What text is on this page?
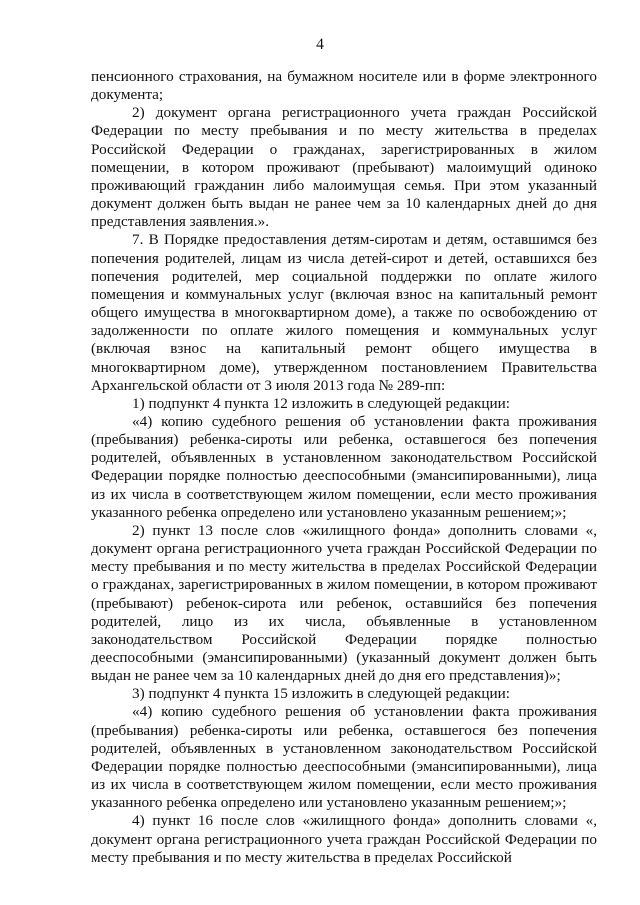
4

пенсионного страхования, на бумажном носителе или в форме электронного документа;

2) документ органа регистрационного учета граждан Российской Федерации по месту пребывания и по месту жительства в пределах Российской Федерации о гражданах, зарегистрированных в жилом помещении, в котором проживают (пребывают) малоимущий одиноко проживающий гражданин либо малоимущая семья. При этом указанный документ должен быть выдан не ранее чем за 10 календарных дней до дня представления заявления.».

7. В Порядке предоставления детям-сиротам и детям, оставшимся без попечения родителей, лицам из числа детей-сирот и детей, оставшихся без попечения родителей, мер социальной поддержки по оплате жилого помещения и коммунальных услуг (включая взнос на капитальный ремонт общего имущества в многоквартирном доме), а также по освобождению от задолженности по оплате жилого помещения и коммунальных услуг (включая взнос на капитальный ремонт общего имущества в многоквартирном доме), утвержденном постановлением Правительства Архангельской области от 3 июля 2013 года № 289-пп:

1) подпункт 4 пункта 12 изложить в следующей редакции:

«4) копию судебного решения об установлении факта проживания (пребывания) ребенка-сироты или ребенка, оставшегося без попечения родителей, объявленных в установленном законодательством Российской Федерации порядке полностью дееспособными (эмансипированными), лица из их числа в соответствующем жилом помещении, если место проживания указанного ребенка определено или установлено указанным решением;»;

2) пункт 13 после слов «жилищного фонда» дополнить словами «, документ органа регистрационного учета граждан Российской Федерации по месту пребывания и по месту жительства в пределах Российской Федерации о гражданах, зарегистрированных в жилом помещении, в котором проживают (пребывают) ребенок-сирота или ребенок, оставшийся без попечения родителей, лицо из их числа, объявленные в установленном законодательством Российской Федерации порядке полностью дееспособными (эмансипированными) (указанный документ должен быть выдан не ранее чем за 10 календарных дней до дня его представления)»;

3) подпункт 4 пункта 15 изложить в следующей редакции:

«4) копию судебного решения об установлении факта проживания (пребывания) ребенка-сироты или ребенка, оставшегося без попечения родителей, объявленных в установленном законодательством Российской Федерации порядке полностью дееспособными (эмансипированными), лица из их числа в соответствующем жилом помещении, если место проживания указанного ребенка определено или установлено указанным решением;»;

4) пункт 16 после слов «жилищного фонда» дополнить словами «, документ органа регистрационного учета граждан Российской Федерации по месту пребывания и по месту жительства в пределах Российской
